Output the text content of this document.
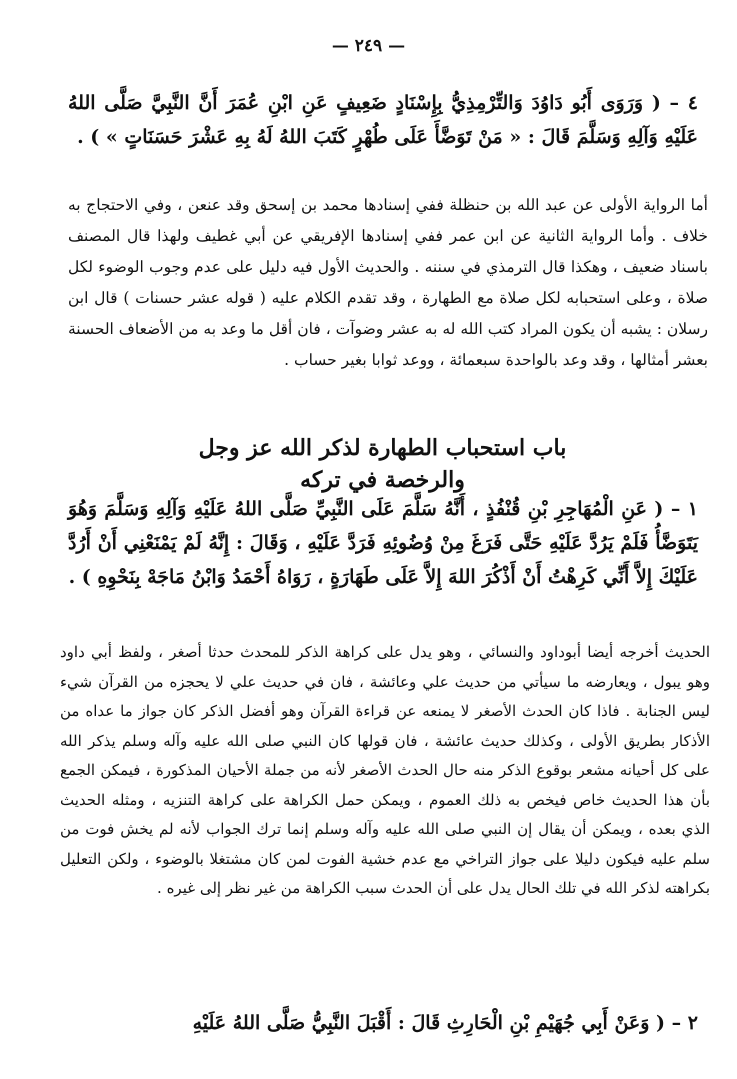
— ٢٤٩ —
٤ – ( وَرَوَى أَبُو دَاوُدَ وَالتِّرْمِذِيُّ بِإِسْنَادٍ ضَعِيفٍ عَنِ ابْنِ عُمَرَ أَنَّ النَّبِيَّ صَلَّى اللهُ عَلَيْهِ وَآلِهِ وَسَلَّمَ قَالَ : « مَنْ تَوَضَّأَ عَلَى طُهْرٍ كَتَبَ اللهُ لَهُ بِهِ عَشْرَ حَسَنَاتٍ » ) .
أما الرواية الأولى عن عبد الله بن حنظلة ففي إسنادها محمد بن إسحق وقد عنعن ، وفي الاحتجاج به خلاف . وأما الرواية الثانية عن ابن عمر ففي إسنادها الإفريقي عن أبي غطيف ولهذا قال المصنف باسناد ضعيف ، وهكذا قال الترمذي في سننه . والحديث الأول فيه دليل على عدم وجوب الوضوء لكل صلاة ، وعلى استحبابه لكل صلاة مع الطهارة ، وقد تقدم الكلام عليه ( قوله عشر حسنات ) قال ابن رسلان : يشبه أن يكون المراد كتب الله له به عشر وضوآت ، فان أقل ما وعد به من الأضعاف الحسنة بعشر أمثالها ، وقد وعد بالواحدة سبعمائة ، ووعد ثوابا بغير حساب .
باب استحباب الطهارة لذكر الله عز وجل والرخصة في تركه
١ – ( عَنِ الْمُهَاجِرِ بْنِ قُنْفُذٍ ، أَنَّهُ سَلَّمَ عَلَى النَّبِيِّ صَلَّى اللهُ عَلَيْهِ وَآلِهِ وَسَلَّمَ وَهُوَ يَتَوَضَّأُ فَلَمْ يَرُدَّ عَلَيْهِ حَتَّى فَرَغَ مِنْ وُضُوئِهِ فَرَدَّ عَلَيْهِ ، وَقَالَ : إِنَّهُ لَمْ يَمْنَعْنِي أَنْ أَرُدَّ عَلَيْكَ إِلاَّ أَنِّي كَرِهْتُ أَنْ أَذْكُرَ اللهَ إِلاَّ عَلَى طَهَارَةٍ ، رَوَاهُ أَحْمَدُ وَابْنُ مَاجَهْ بِنَحْوِهِ ) .
الحديث أخرجه أيضا أبوداود والنسائي ، وهو يدل على كراهة الذكر للمحدث حدثا أصغر ، ولفظ أبي داود وهو يبول ، ويعارضه ما سيأتي من حديث علي وعائشة ، فان في حديث علي لا يحجزه من القرآن شيء ليس الجنابة . فاذا كان الحدث الأصغر لا يمنعه عن قراءة القرآن وهو أفضل الذكر كان جواز ما عداه من الأذكار بطريق الأولى ، وكذلك حديث عائشة ، فان قولها كان النبي صلى الله عليه وآله وسلم يذكر الله على كل أحيانه مشعر بوقوع الذكر منه حال الحدث الأصغر لأنه من جملة الأحيان المذكورة ، فيمكن الجمع بأن هذا الحديث خاص فيخص به ذلك العموم ، ويمكن حمل الكراهة على كراهة التنزيه ، ومثله الحديث الذي بعده ، ويمكن أن يقال إن النبي صلى الله عليه وآله وسلم إنما ترك الجواب لأنه لم يخش فوت من سلم عليه فيكون دليلا على جواز التراخي مع عدم خشية الفوت لمن كان مشتغلا بالوضوء ، ولكن التعليل بكراهته لذكر الله في تلك الحال يدل على أن الحدث سبب الكراهة من غير نظر إلى غيره .
٢ – ( وَعَنْ أَبِي جُهَيْمِ بْنِ الْحَارِثِ قَالَ : أَقْبَلَ النَّبِيُّ صَلَّى اللهُ عَلَيْهِ
